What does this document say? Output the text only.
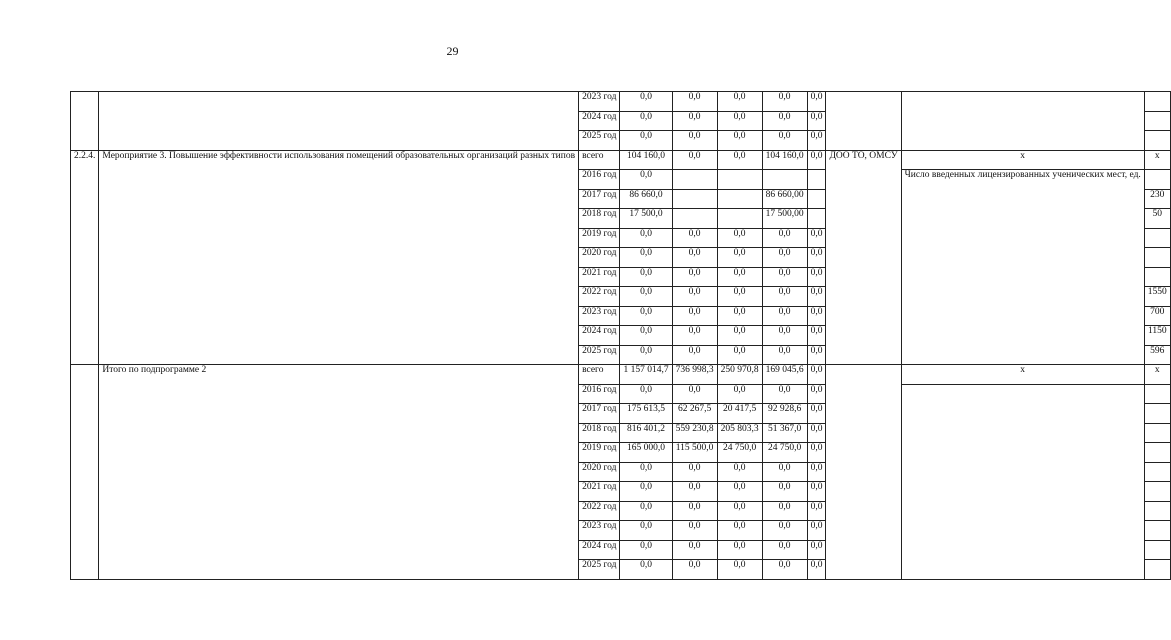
29
		2023 год	0,0	0,0	0,0	0,0	0,0			
		2024 год	0,0	0,0	0,0	0,0	0,0			
		2025 год	0,0	0,0	0,0	0,0	0,0			
2.2.4.	Мероприятие 3. Повышение эффективности использования помещений образовательных организаций разных типов	всего	104 160,0	0,0	0,0	104 160,0	0,0	ДОО ТО, ОМСУ	х	х
		2016 год	0,0						Число введенных лицензированных ученических мест, ед.	
		2017 год	86 660,0			86 660,00				230
		2018 год	17 500,0			17 500,00				50
		2019 год	0,0	0,0	0,0	0,0	0,0			
		2020 год	0,0	0,0	0,0	0,0	0,0			
		2021 год	0,0	0,0	0,0	0,0	0,0			
		2022 год	0,0	0,0	0,0	0,0	0,0			1550
		2023 год	0,0	0,0	0,0	0,0	0,0			700
		2024 год	0,0	0,0	0,0	0,0	0,0			1150
		2025 год	0,0	0,0	0,0	0,0	0,0			596
	Итого по подпрограмме 2	всего	1 157 014,7	736 998,3	250 970,8	169 045,6	0,0		х	х
		2016 год	0,0	0,0	0,0	0,0	0,0			
		2017 год	175 613,5	62 267,5	20 417,5	92 928,6	0,0			
		2018 год	816 401,2	559 230,8	205 803,3	51 367,0	0,0			
		2019 год	165 000,0	115 500,0	24 750,0	24 750,0	0,0			
		2020 год	0,0	0,0	0,0	0,0	0,0			
		2021 год	0,0	0,0	0,0	0,0	0,0			
		2022 год	0,0	0,0	0,0	0,0	0,0			
		2023 год	0,0	0,0	0,0	0,0	0,0			
		2024 год	0,0	0,0	0,0	0,0	0,0			
		2025 год	0,0	0,0	0,0	0,0	0,0			
